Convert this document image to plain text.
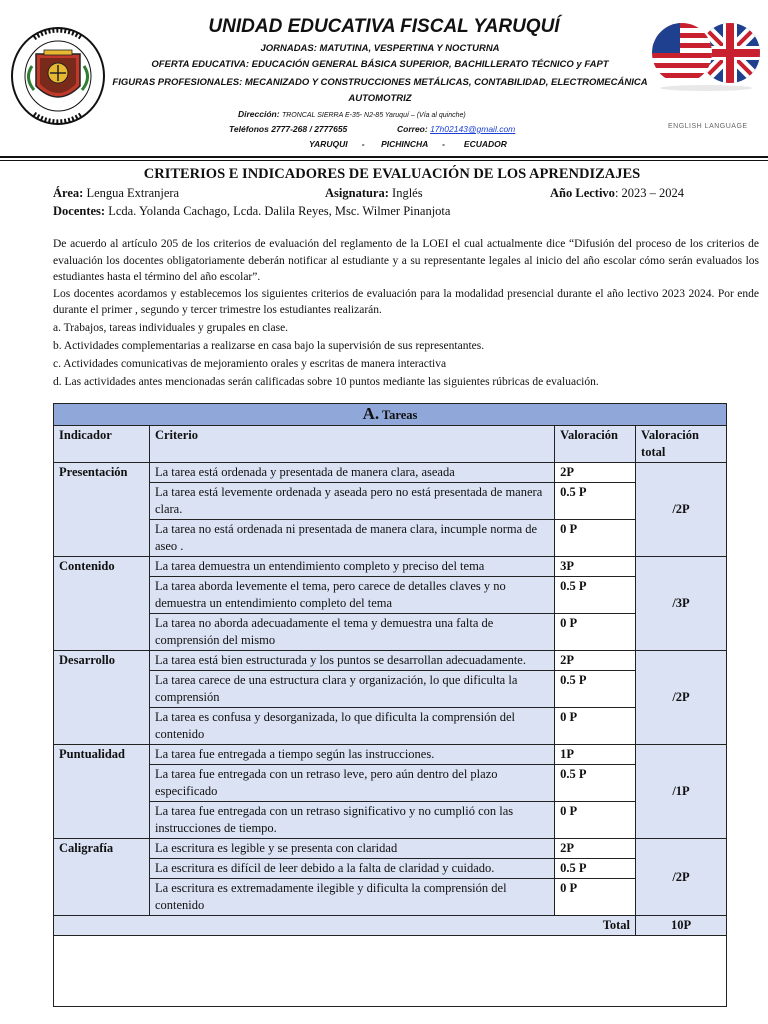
UNIDAD EDUCATIVA FISCAL YARUQUÍ
JORNADAS: MATUTINA, VESPERTINA Y NOCTURNA
OFERTA EDUCATIVA: EDUCACIÓN GENERAL BÁSICA SUPERIOR, BACHILLERATO TÉCNICO y FAPT
FIGURAS PROFESIONALES: MECANIZADO Y CONSTRUCCIONES METÁLICAS, CONTABILIDAD, ELECTROMECÁNICA
AUTOMOTRIZ
Dirección: TRONCAL SIERRA E-35- N2-85 Yaruquí – (Vía al quinche)
Teléfonos 2777-268 / 2777655	Correo: 17h02143@gmail.com
YARUQUI      -       PICHINCHA      -        ECUADOR
ENGLISH LANGUAGE
CRITERIOS E INDICADORES DE EVALUACIÓN DE LOS APRENDIZAJES
Área: Lengua Extranjera	Asignatura: Inglés	Año Lectivo: 2023 – 2024
Docentes: Lcda. Yolanda Cachago, Lcda. Dalila Reyes, Msc. Wilmer Pinanjota

De acuerdo al artículo 205 de los criterios de evaluación del reglamento de la LOEI el cual actualmente dice “Difusión del proceso de los criterios de evaluación los docentes obligatoriamente deberán notificar al estudiante y a su representante legales al inicio del año escolar cómo serán evaluados los estudiantes hasta el término del año escolar”.

Los docentes acordamos y establecemos los siguientes criterios de evaluación para la modalidad presencial durante el año lectivo 2023 2024. Por ende durante el primer , segundo y tercer trimestre los estudiantes realizarán.

a. Trabajos, tareas individuales y grupales en clase.
b. Actividades complementarias a realizarse en casa bajo la supervisión de sus representantes.
c. Actividades comunicativas de mejoramiento orales y escritas de manera interactiva
d. Las actividades antes mencionadas serán calificadas sobre 10 puntos mediante las siguientes rúbricas de evaluación.
A. Tareas			
Indicador	Criterio	Valoración	Valoración total
Presentación	La tarea está ordenada y presentada de manera clara, aseada	2P	/2P
	La tarea está levemente ordenada y aseada pero no está presentada de manera clara.	0.5 P	
	La tarea no está ordenada ni presentada de manera clara, incumple norma de aseo .	0 P	
Contenido	La tarea demuestra un entendimiento completo y preciso del tema	3P	/3P
	La tarea aborda levemente el tema, pero carece de detalles claves y no demuestra un entendimiento completo del tema	0.5 P	
	La tarea no aborda adecuadamente el tema y demuestra una falta de comprensión del mismo	0 P	
Desarrollo	La tarea está bien estructurada y los puntos se desarrollan adecuadamente.	2P	/2P
	La tarea carece de una estructura clara y organización, lo que dificulta la comprensión	0.5 P	
	La tarea es confusa y desorganizada, lo que dificulta la comprensión del contenido	0 P	
Puntualidad	La tarea fue entregada a tiempo según las instrucciones.	1P	/1P
	La tarea fue entregada con un retraso leve, pero aún dentro del plazo especificado	0.5 P	
	La tarea fue entregada con un retraso significativo y no cumplió con las instrucciones de tiempo.	0 P	
Caligrafía	La escritura es legible y se presenta con claridad	2P	/2P
	La escritura es difícil de leer debido a la falta de claridad y cuidado.	0.5 P	
	La escritura es extremadamente ilegible y dificulta la comprensión del contenido	0 P	
Total			10P
